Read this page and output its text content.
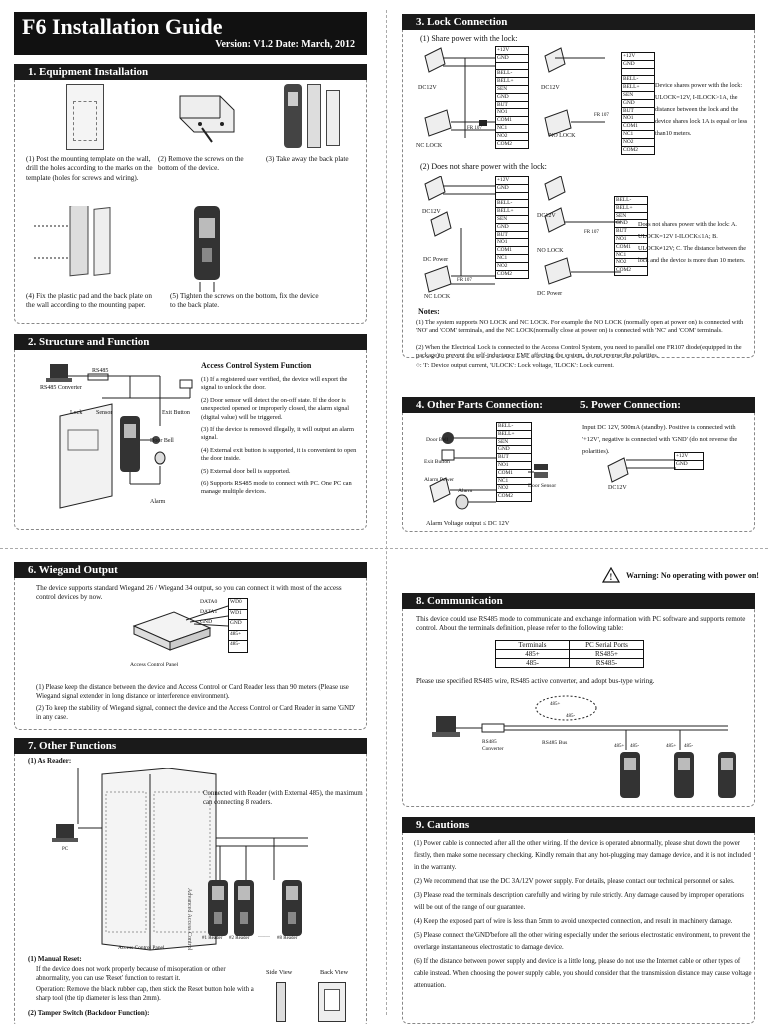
F6 Installation Guide
Version: V1.2 Date: March, 2012
1. Equipment Installation
(1) Post the mounting template on the wall, drill the holes according to the marks on the template (holes for screws and wiring).
(2) Remove the screws on the bottom of the device.
(3) Take away the back plate
(4) Fix the plastic pad and the back plate on the wall according to the mounting paper.
(5) Tighten the screws on the bottom, fix the device to the back plate.
2. Structure and Function
RS485
RS485 Converter
Lock Sensor	Exit Button
Door Bell
Alarm
Access Control System Function
(1) If a registered user verified, the device will export the signal to unlock the door.
(2) Door sensor will detect the on-off state. If the door is unexpected opened or improperly closed, the alarm signal (digital value) will be triggered.
(3) If the device is removed illegally, it will output an alarm signal.
(4) External exit button is supported, it is convenient to open the door inside.
(5) External door bell is supported.
(6) Supports RS485 mode to connect with PC. One PC can manage multiple devices.
3. Lock Connection
(1) Share power with the lock:
+12V
GND
BELL-
BELL+
SEN
GND
BUT
NO1
COM1
NC1
NO2
COM2
+12V
GND
BELL-
BELL+
SEN
GND
BUT
NO1
COM1
NC1
NO2
COM2
DC12V	DC12V
NC LOCK
NO LOCK
FR 107
FR 107
Device shares power with the lock: ULOCK=12V, I-ILOCK>1A, the distance between the lock and the device shares lock 1A is equal or less than10 meters.
(2) Does not share power with the lock:
+12V
GND
BELL-
BELL+
SEN
GND
BUT
NO1
COM1
NC1
NO2
COM2
BELL-
BELL+
SEN
GND
BUT
NO1
COM1
NC1
NO2
COM2
DC12V
DC12V
DC Power
NO LOCK
NC LOCK	DC Power
FR 107
FR 107
Does not shares power with the lock: A. ULOCK=12V I-ILOCK≤1A; B. ULOCK≠12V; C. The distance between the lock and the device is more than 10 meters.
Notes:
(1) The system supports NO LOCK and NC LOCK. For example the NO LOCK (normally open at power on) is connected with 'NO' and 'COM' terminals, and the NC LOCK(normally close at power on) is connected with 'NC' and 'COM' terminals.
(2) When the Electrical Lock is connected to the Access Control System, you need to parallel one FR107 diode(equipped in the package)to prevent the self-inductance EMF affecting the system, do not reverse the polarities.
○: 'I': Device output current, 'ULOCK': Lock voltage, 'ILOCK': Lock current.
4. Other Parts Connection:	5. Power Connection:
BELL-
BELL+
SEN
GND
BUT
NO1
COM1
NC1
NO2
COM2
Door Bell
Exit Button
Alarm Power
Alarm
Door Sensor
Alarm Voltage output ≤ DC 12V
Input DC 12V, 500mA (standby). Positive is connected with '+12V', negative is connected with 'GND' (do not reverse the polarities).
+12V
GND
DC12V
6. Wiegand Output
The device supports standard Wiegand 26 / Wiegand 34 output, so you can connect it with most of the access control devices by now.
DATA0
DATA1
GND
WD0
WD1
GND
485+
485-
Access Control Panel
(1) Please keep the distance between the device and Access Control or Card Reader less than 90 meters (Please use Wiegand signal extender in long distance or interference environment).
(2) To keep the stability of Wiegand signal, connect the device and the Access Control or Card Reader in same 'GND' in any case.
7. Other Functions
(1) As Reader:
Advanced Access Control
Connected with Reader (with External 485), the maximum can connecting 8 readers.
PC
Access Control Panel
#1 Reader #2 Reader …… #8 Reader
(1) Manual Reset:
If the device does not work properly because of misoperation or other abnormality, you can use 'Reset' function to restart it.
Operation: Remove the black rubber cap, then stick the Reset button hole with a sharp tool (the tip diameter is less than 2mm).
(2) Tamper Switch (Backdoor Function):
Side View	Back View
! Warning: No operating with power on!
8. Communication
This device could use RS485 mode to communicate and exchange information with PC software and supports remote control. About the terminals definition, please refer to the following table:
Terminals	PC Serial Ports
485+	RS485+
485-	RS485-
Please use specified RS485 wire, RS485 active converter, and adopt bus-type wiring.
485+
485-
RS485 Converter
RS485 Bus
485+ 485-	485+ 485-
9. Cautions
(1) Power cable is connected after all the other wiring. If the device is operated abnormally, please shut down the power firstly, then make some necessary checking. Kindly remain that any hot-plugging may damage device, and it is not included in the warranty.
(2) We recommend that use the DC 3A/12V power supply. For details, please contact our technical personnel or sales.
(3) Please read the terminals description carefully and wiring by rule strictly. Any damage caused by improper operations will be out of the range of our guarantee.
(4) Keep the exposed part of wire is less than 5mm to avoid unexpected connection, and result in machinery damage.
(5) Please connect the'GND'before all the other wiring especially under the serious electrostatic environment, to prevent the overlarge instantaneous electrostatic to damage device.
(6) If the distance between power supply and device is a little long, please do not use the Internet cable or other types of cable instead. When choosing the power supply cable, you should consider that the transmission distance may cause voltage attenuation.
